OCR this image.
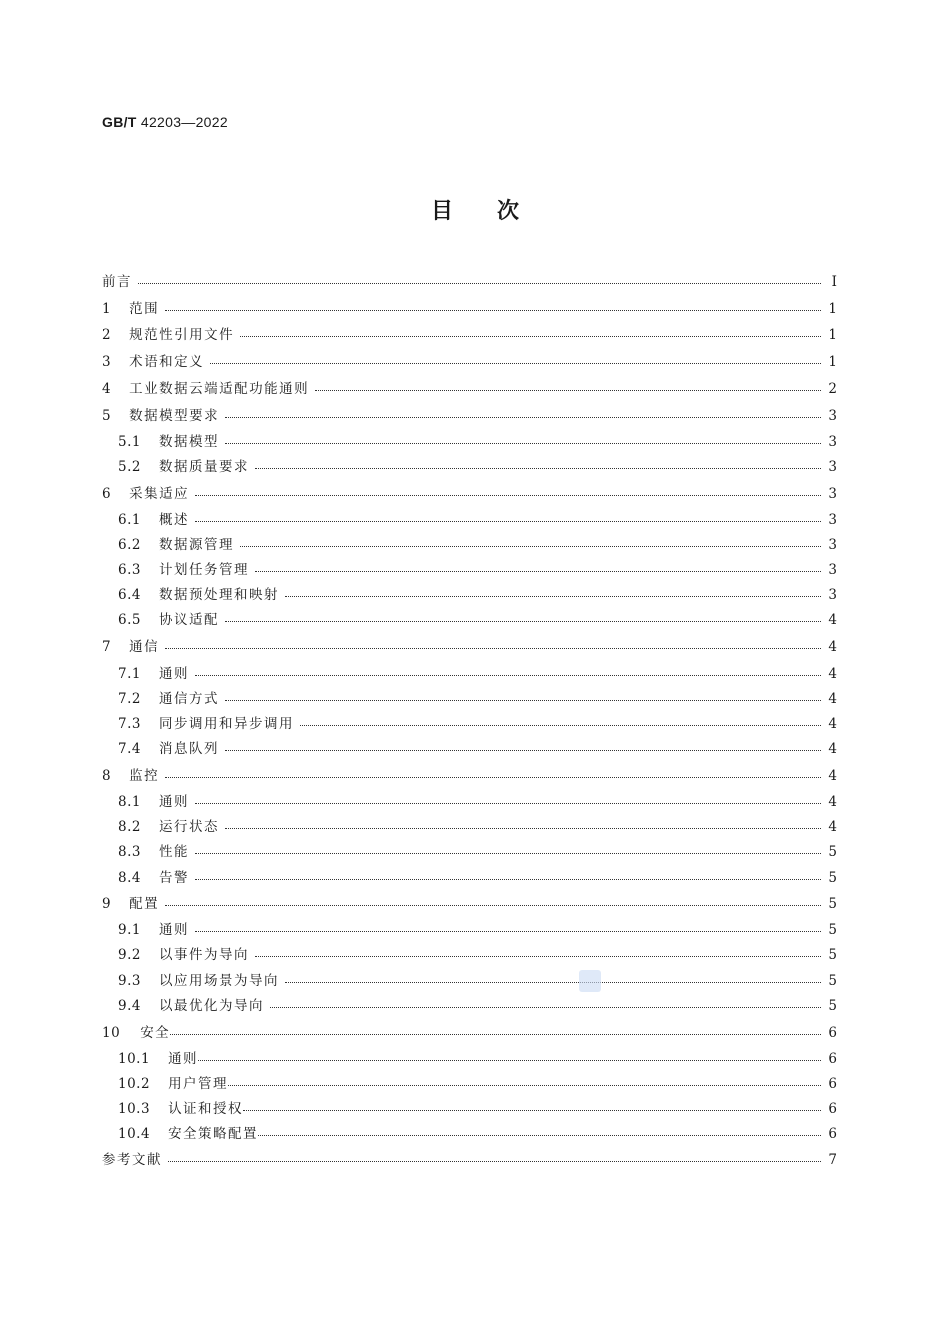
GB/T 42203—2022
目次
前言	Ⅰ
1 范围	1
2 规范性引用文件	1
3 术语和定义	1
4 工业数据云端适配功能通则	2
5 数据模型要求	3
5.1 数据模型	3
5.2 数据质量要求	3
6 采集适应	3
6.1 概述	3
6.2 数据源管理	3
6.3 计划任务管理	3
6.4 数据预处理和映射	3
6.5 协议适配	4
7 通信	4
7.1 通则	4
7.2 通信方式	4
7.3 同步调用和异步调用	4
7.4 消息队列	4
8 监控	4
8.1 通则	4
8.2 运行状态	4
8.3 性能	5
8.4 告警	5
9 配置	5
9.1 通则	5
9.2 以事件为导向	5
9.3 以应用场景为导向	5
9.4 以最优化为导向	5
10 安全	6
10.1 通则	6
10.2 用户管理	6
10.3 认证和授权	6
10.4 安全策略配置	6
参考文献	7
